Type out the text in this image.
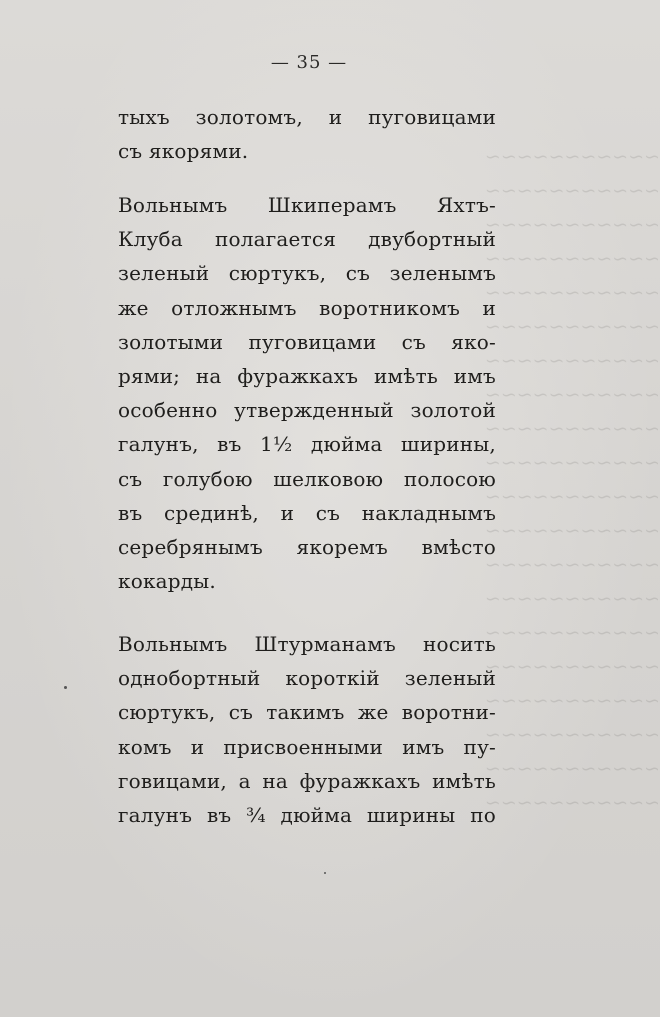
~~~~~~~~~~~
~~~~~~~~~~~
~~~~~~~~~~~
~~~~~~~~~~~
~~~~~~~~~~~
~~~~~~~~~~~
~~~~~~~~~~~
~~~~~~~~~~~
~~~~~~~~~~~
~~~~~~~~~~~
~~~~~~~~~~~
~~~~~~~~~~~
~~~~~~~~~~~
~~~~~~~~~~~
~~~~~~~~~~~
~~~~~~~~~~~
~~~~~~~~~~~
~~~~~~~~~~~
~~~~~~~~~~~
~~~~~~~~~~~
— 35 —
тыхъ золотомъ, и пуговицами
съ якорями.
Вольнымъ Шкиперамъ Яхтъ-
Клуба полагается двубортный
зеленый сюртукъ, съ зеленымъ
же отложнымъ воротникомъ и
золотыми пуговицами съ яко-
рями; на фуражкахъ имѣть имъ
особенно утвержденный золотой
галунъ, въ 1½ дюйма ширины,
съ голубою шелковою полосою
въ срединѣ, и съ накладнымъ
серебрянымъ якоремъ вмѣсто
кокарды.
Вольнымъ Штурманамъ носить
однобортный короткій зеленый
сюртукъ, съ такимъ же воротни-
комъ и присвоенными имъ пу-
говицами, а на фуражкахъ имѣть
галунъ въ ¾ дюйма ширины по
